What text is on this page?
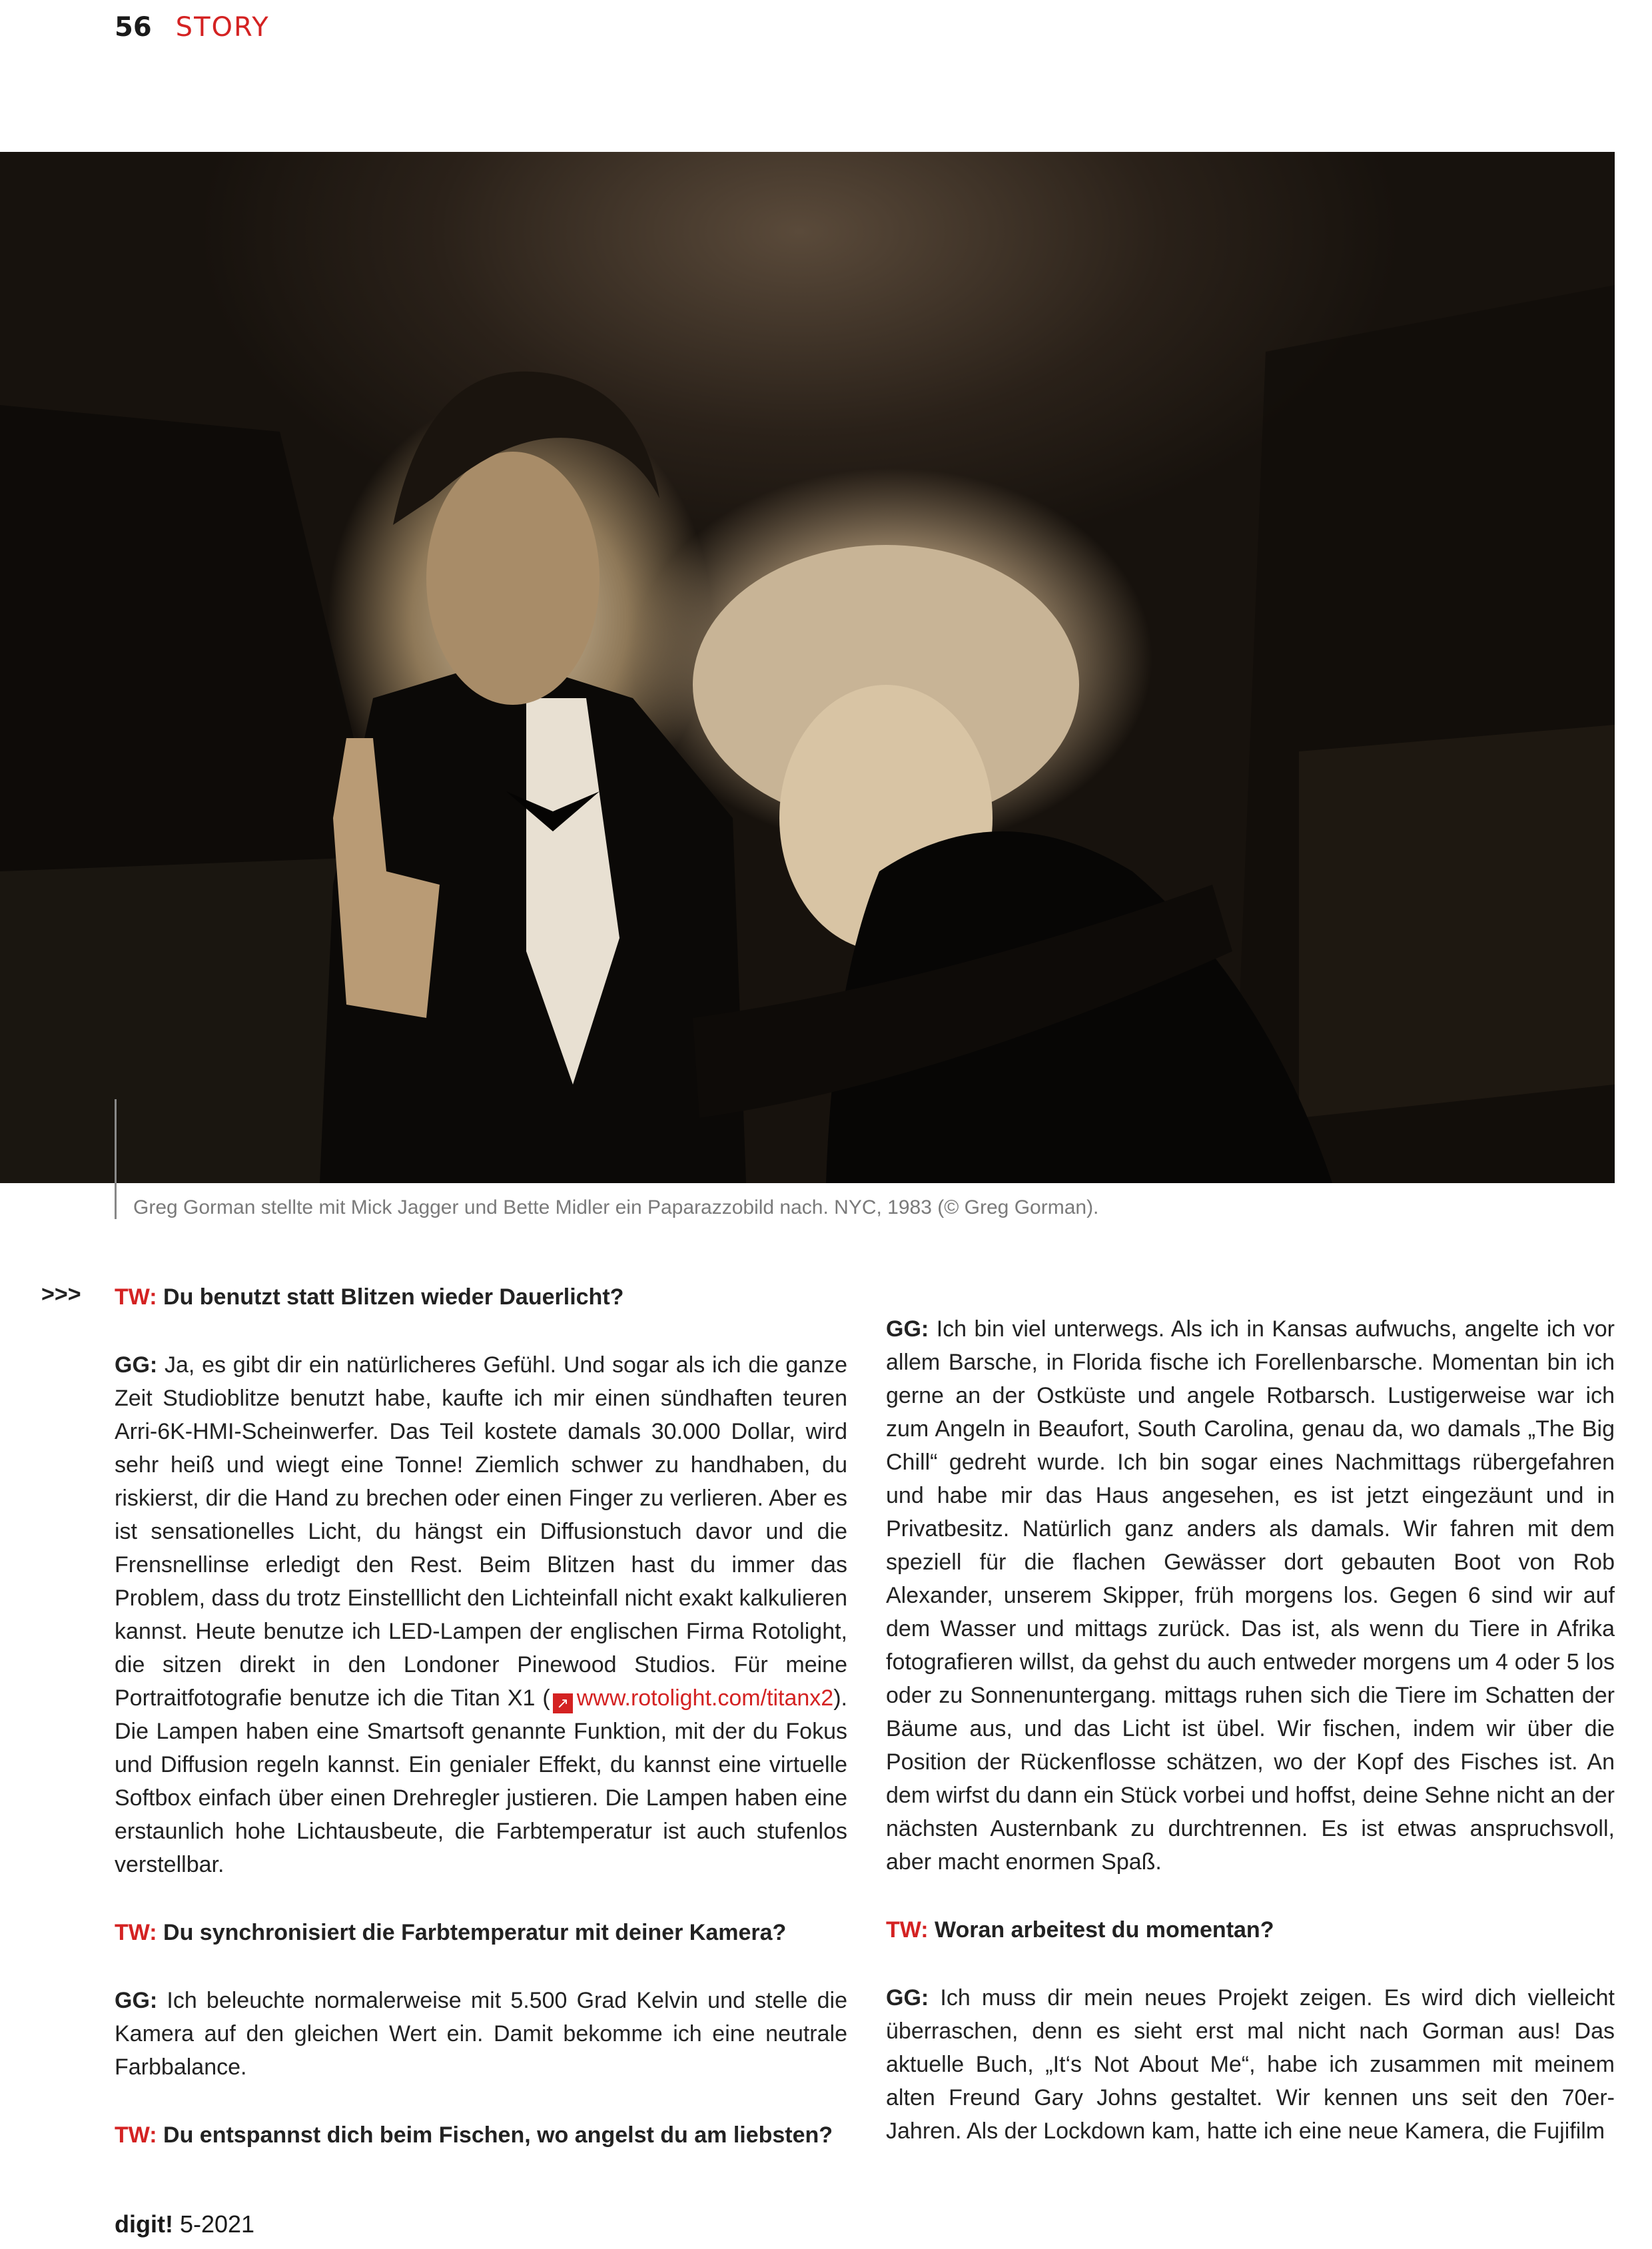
56 STORY
Greg Gorman stellte mit Mick Jagger und Bette Midler ein Paparazzobild nach. NYC, 1983 (© Greg Gorman).
>>> TW: Du benutzt statt Blitzen wieder Dauerlicht?

GG: Ja, es gibt dir ein natürlicheres Gefühl. Und sogar als ich die ganze Zeit Studioblitze benutzt habe, kaufte ich mir einen sündhaften teuren Arri-6K-HMI-Scheinwerfer. Das Teil kostete damals 30.000 Dollar, wird sehr heiß und wiegt eine Tonne! Ziemlich schwer zu handhaben, du riskierst, dir die Hand zu brechen oder einen Finger zu verlieren. Aber es ist sensationelles Licht, du hängst ein Diffusionstuch davor und die Frensnellinse erledigt den Rest. Beim Blitzen hast du immer das Problem, dass du trotz Einstelllicht den Lichteinfall nicht exakt kalkulieren kannst. Heute benutze ich LED-Lampen der englischen Firma Rotolight, die sitzen direkt in den Londoner Pinewood Studios. Für meine Portraitfotografie benutze ich die Titan X1 ( ↗ www.rotolight.com/titanx2). Die Lampen haben eine Smartsoft genannte Funktion, mit der du Fokus und Diffusion regeln kannst. Ein genialer Effekt, du kannst eine virtuelle Softbox einfach über einen Drehregler justieren. Die Lampen haben eine erstaunlich hohe Lichtausbeute, die Farbtemperatur ist auch stufenlos verstellbar.

TW: Du synchronisiert die Farbtemperatur mit deiner Kamera?

GG: Ich beleuchte normalerweise mit 5.500 Grad Kelvin und stelle die Kamera auf den gleichen Wert ein. Damit bekomme ich eine neutrale Farbbalance.

TW: Du entspannst dich beim Fischen, wo angelst du am liebsten?

GG: Ich bin viel unterwegs. Als ich in Kansas aufwuchs, angelte ich vor allem Barsche, in Florida fische ich Forellenbarsche. Momentan bin ich gerne an der Ostküste und angele Rotbarsch. Lustigerweise war ich zum Angeln in Beaufort, South Carolina, genau da, wo damals „The Big Chill“ gedreht wurde. Ich bin sogar eines Nachmittags rübergefahren und habe mir das Haus angesehen, es ist jetzt eingezäunt und in Privatbesitz. Natürlich ganz anders als damals. Wir fahren mit dem speziell für die flachen Gewässer dort gebauten Boot von Rob Alexander, unserem Skipper, früh morgens los. Gegen 6 sind wir auf dem Wasser und mittags zurück. Das ist, als wenn du Tiere in Afrika fotografieren willst, da gehst du auch entweder morgens um 4 oder 5 los oder zu Sonnenuntergang. mittags ruhen sich die Tiere im Schatten der Bäume aus, und das Licht ist übel. Wir fischen, indem wir über die Position der Rückenflosse schätzen, wo der Kopf des Fisches ist. An dem wirfst du dann ein Stück vorbei und hoffst, deine Sehne nicht an der nächsten Austernbank zu durchtrennen. Es ist etwas anspruchsvoll, aber macht enormen Spaß.

TW: Woran arbeitest du momentan?

GG: Ich muss dir mein neues Projekt zeigen. Es wird dich vielleicht überraschen, denn es sieht erst mal nicht nach Gorman aus! Das aktuelle Buch, „It‘s Not About Me“, habe ich zusammen mit meinem alten Freund Gary Johns gestaltet. Wir kennen uns seit den 70er-Jahren. Als der Lockdown kam, hatte ich eine neue Kamera, die Fujifilm

digit! 5-2021
